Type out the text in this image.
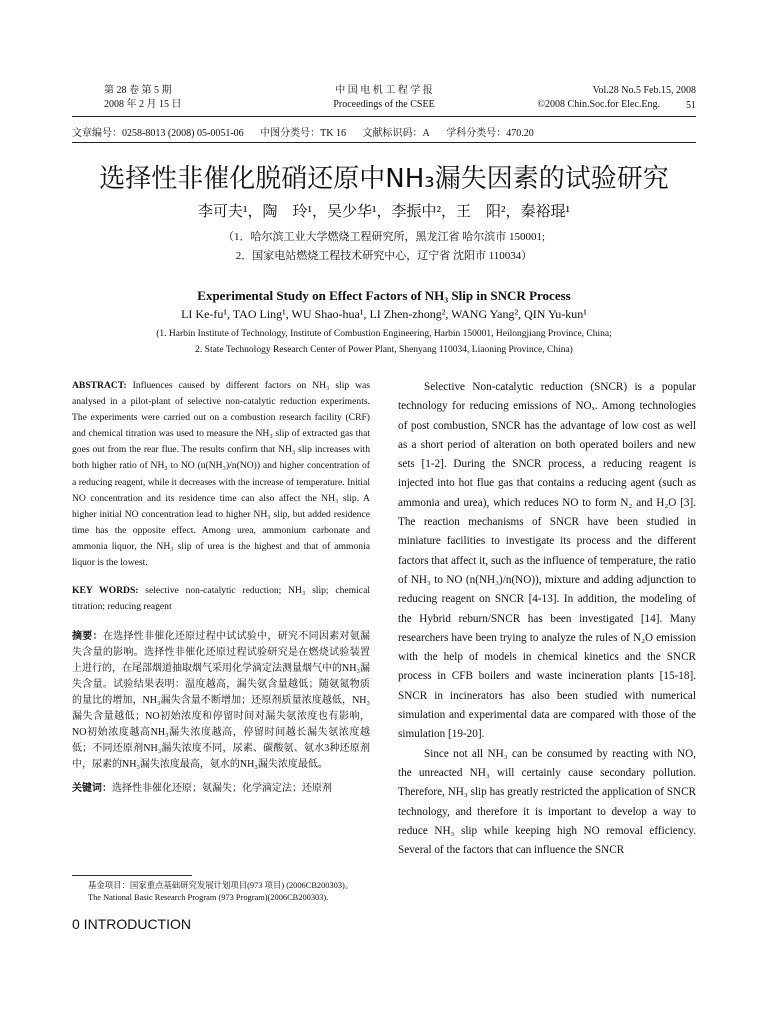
第 28 卷 第 5 期
2008 年 2 月 15 日
中 国 电 机 工 程 学 报
Proceedings of the CSEE
Vol.28 No.5 Feb.15, 2008
©2008 Chin.Soc.for Elec.Eng.	51
文章编号：0258-8013 (2008) 05-0051-06 中图分类号：TK 16 文献标识码：A 学科分类号：470.20
选择性非催化脱硝还原中NH₃漏失因素的试验研究
李可夫¹，陶　玲¹，吴少华¹，李振中²，王　阳²，秦裕琨¹
（1．哈尔滨工业大学燃烧工程研究所，黑龙江省 哈尔滨市 150001;
2．国家电站燃烧工程技术研究中心，辽宁省 沈阳市 110034）
Experimental Study on Effect Factors of NH₃ Slip in SNCR Process
LI Ke-fu¹, TAO Ling¹, WU Shao-hua¹, LI Zhen-zhong², WANG Yang², QIN Yu-kun¹
(1. Harbin Institute of Technology, Institute of Combustion Engineering, Harbin 150001, Heilongjiang Province, China;
2. State Technology Research Center of Power Plant, Shenyang 110034, Liaoning Province, China)

ABSTRACT: Influences caused by different factors on NH₃ slip was analysed in a pilot-plant of selective non-catalytic reduction experiments. The experiments were carried out on a combustion research facility (CRF) and chemical titration was used to measure the NH₃ slip of extracted gas that goes out from the rear flue. The results confirm that NH₃ slip increases with both higher ratio of NH₃ to NO (n(NH₃)/n(NO)) and higher concentration of a reducing reagent, while it decreases with the increase of temperature. Initial NO concentration and its residence time can also affect the NH₃ slip. A higher initial NO concentration lead to higher NH₃ slip, but added residence time has the opposite effect. Among urea, ammonium carbonate and ammonia liquor, the NH₃ slip of urea is the highest and that of ammonia liquor is the lowest.

KEY WORDS: selective non-catalytic reduction; NH₃ slip; chemical titration; reducing reagent

摘要：在选择性非催化还原过程中试试验中，研究不同因素对氨漏失含量的影响。选择性非催化还原过程试验研究是在燃烧试验装置上进行的，在尾部烟道抽取烟气采用化学滴定法测量烟气中的NH₃漏失含量。试验结果表明：温度越高，漏失氨含量越低；随氨氮物质的量比的增加，NH₃漏失含量不断增加；还原剂质量浓度越低，NH₃漏失含量越低；NO初始浓度和停留时间对漏失氨浓度也有影响，NO初始浓度越高NH₃漏失浓度越高，停留时间越长漏失氨浓度越低；不同还原剂NH₃漏失浓度不同，尿素、碳酸氨、氨水3种还原剂中，尿素的NH₃漏失浓度最高，氨水的NH₃漏失浓度最低。

关键词：选择性非催化还原；氨漏失；化学滴定法；还原剂

基金项目：国家重点基础研究发展计划项目(973 项目) (2006CB200303)。

The National Basic Research Program (973 Program)(2006CB200303).

0 INTRODUCTION

Selective Non-catalytic reduction (SNCR) is a popular technology for reducing emissions of NOₓ. Among technologies of post combustion, SNCR has the advantage of low cost as well as a short period of alteration on both operated boilers and new sets [1-2]. During the SNCR process, a reducing reagent is injected into hot flue gas that contains a reducing agent (such as ammonia and urea), which reduces NO to form N₂ and H₂O [3]. The reaction mechanisms of SNCR have been studied in miniature facilities to investigate its process and the different factors that affect it, such as the influence of temperature, the ratio of NH₃ to NO (n(NH₃)/n(NO)), mixture and adding adjunction to reducing reagent on SNCR [4-13]. In addition, the modeling of the Hybrid reburn/SNCR has been investigated [14]. Many researchers have been trying to analyze the rules of N₂O emission with the help of models in chemical kinetics and the SNCR process in CFB boilers and waste incineration plants [15-18]. SNCR in incinerators has also been studied with numerical simulation and experimental data are compared with those of the simulation [19-20].

Since not all NH₃ can be consumed by reacting with NO, the unreacted NH₃ will certainly cause secondary pollution. Therefore, NH₃ slip has greatly restricted the application of SNCR technology, and therefore it is important to develop a way to reduce NH₃ slip while keeping high NO removal efficiency. Several of the factors that can influence the SNCR
